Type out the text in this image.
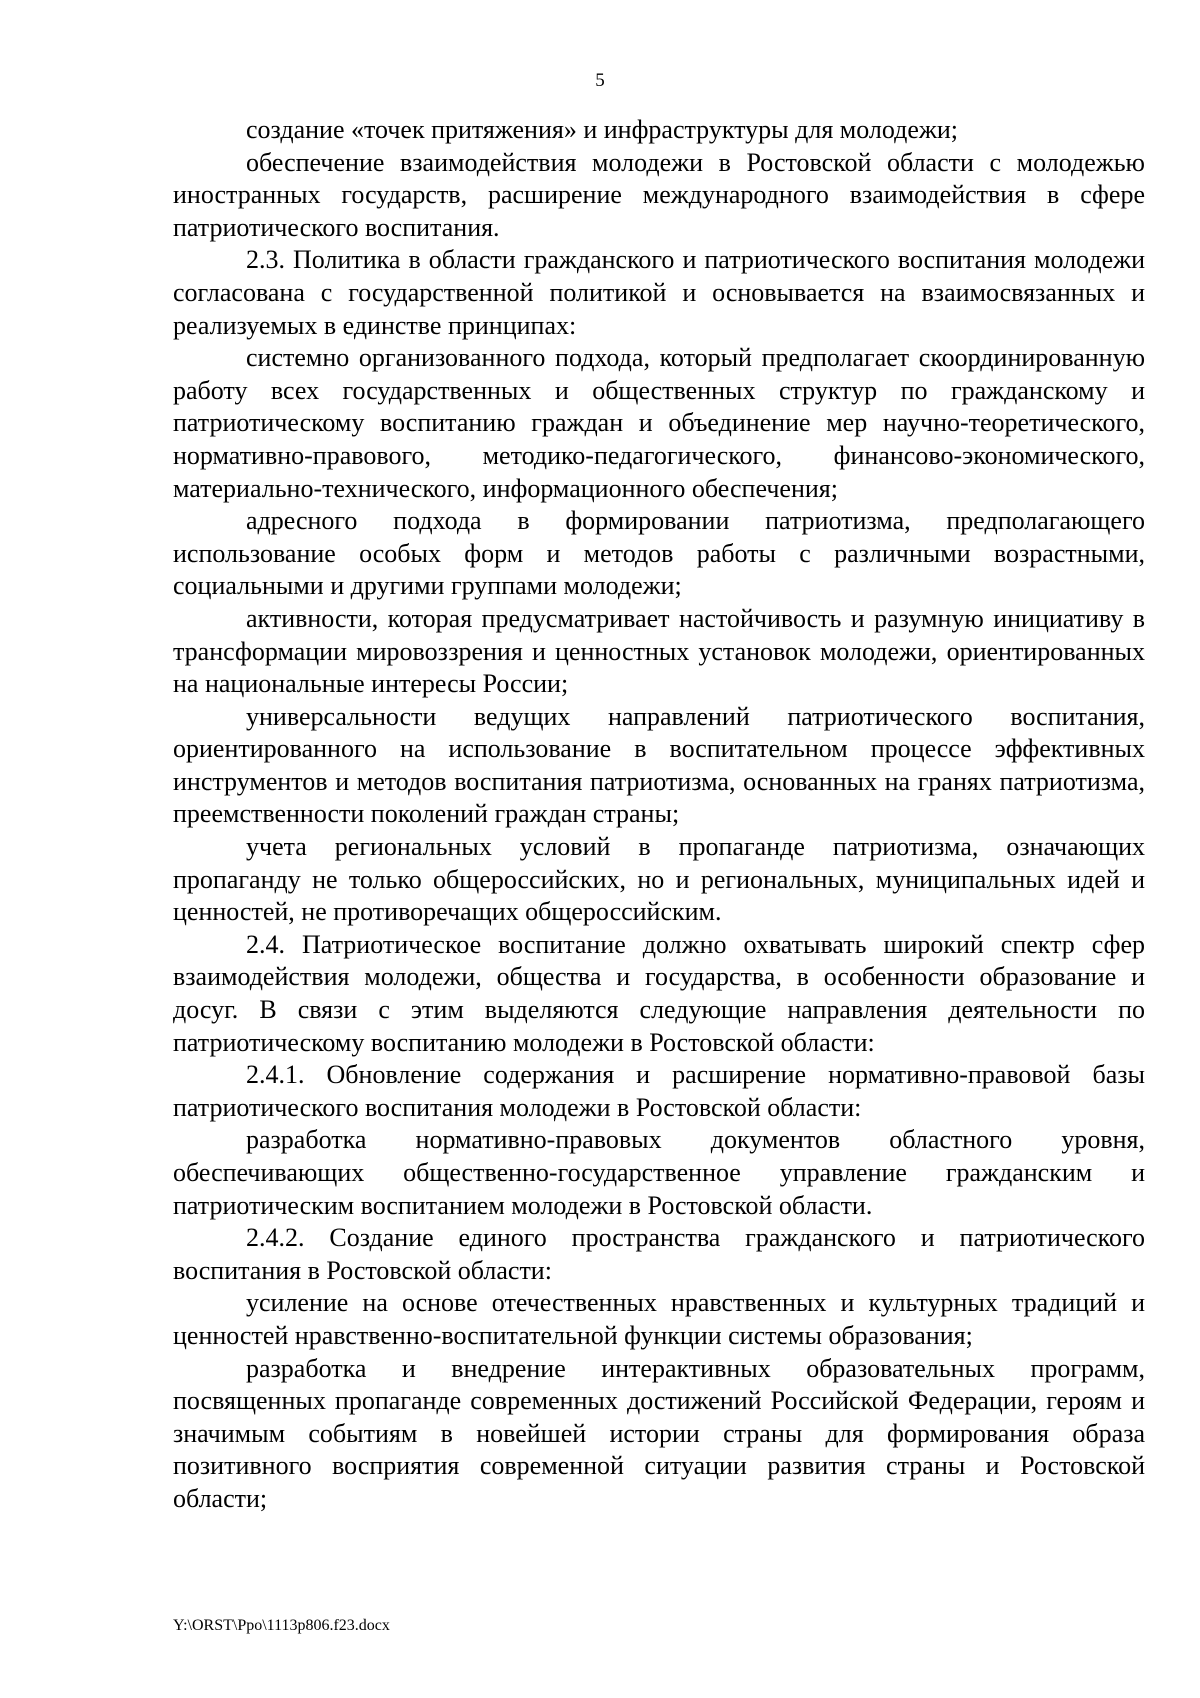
5

создание «точек притяжения» и инфраструктуры для молодежи;

обеспечение взаимодействия молодежи в Ростовской области с молодежью иностранных государств, расширение международного взаимодействия в сфере патриотического воспитания.

2.3. Политика в области гражданского и патриотического воспитания молодежи согласована с государственной политикой и основывается на взаимосвязанных и реализуемых в единстве принципах:

системно организованного подхода, который предполагает скоординированную работу всех государственных и общественных структур по гражданскому и патриотическому воспитанию граждан и объединение мер научно-теоретического, нормативно-правового, методико-педагогического, финансово-экономического, материально-технического, информационного обеспечения;

адресного подхода в формировании патриотизма, предполагающего использование особых форм и методов работы с различными возрастными, социальными и другими группами молодежи;

активности, которая предусматривает настойчивость и разумную инициативу в трансформации мировоззрения и ценностных установок молодежи, ориентированных на национальные интересы России;

универсальности ведущих направлений патриотического воспитания, ориентированного на использование в воспитательном процессе эффективных инструментов и методов воспитания патриотизма, основанных на гранях патриотизма, преемственности поколений граждан страны;

учета региональных условий в пропаганде патриотизма, означающих пропаганду не только общероссийских, но и региональных, муниципальных идей и ценностей, не противоречащих общероссийским.

2.4. Патриотическое воспитание должно охватывать широкий спектр сфер взаимодействия молодежи, общества и государства, в особенности образование и досуг. В связи с этим выделяются следующие направления деятельности по патриотическому воспитанию молодежи в Ростовской области:

2.4.1. Обновление содержания и расширение нормативно-правовой базы патриотического воспитания молодежи в Ростовской области:

разработка нормативно-правовых документов областного уровня, обеспечивающих общественно-государственное управление гражданским и патриотическим воспитанием молодежи в Ростовской области.

2.4.2. Создание единого пространства гражданского и патриотического воспитания в Ростовской области:

усиление на основе отечественных нравственных и культурных традиций и ценностей нравственно-воспитательной функции системы образования;

разработка и внедрение интерактивных образовательных программ, посвященных пропаганде современных достижений Российской Федерации, героям и значимым событиям в новейшей истории страны для формирования образа позитивного восприятия современной ситуации развития страны и Ростовской области;

Y:\ORST\Ppo\1113p806.f23.docx
